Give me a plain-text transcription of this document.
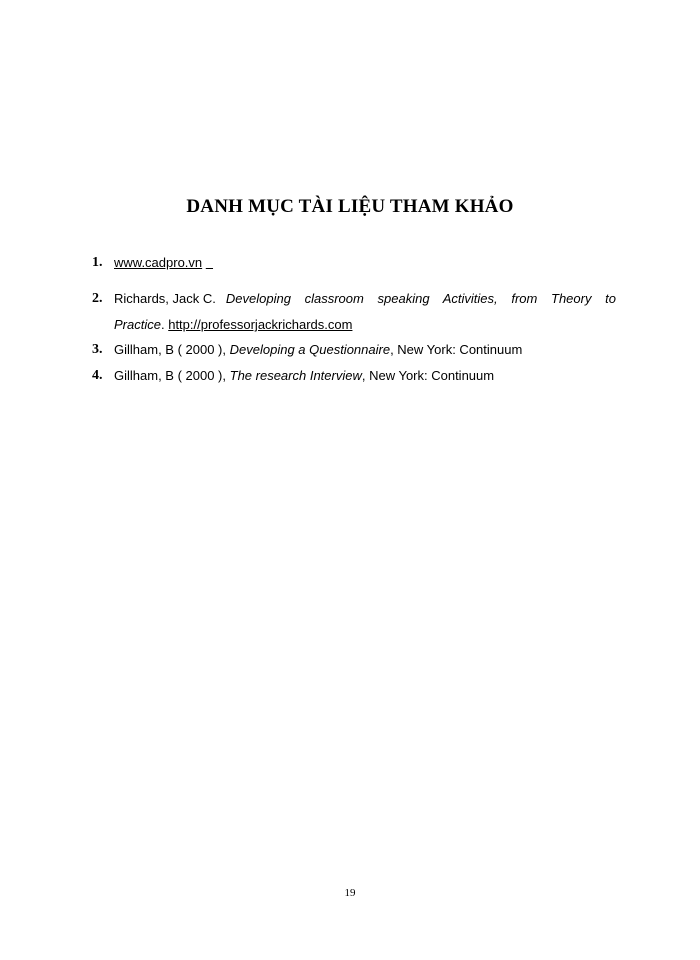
DANH MỤC TÀI LIỆU THAM KHẢO
1. www.cadpro.vn
2. Richards, Jack C. Developing classroom speaking Activities, from Theory to
Practice. http://professorjackrichards.com
3. Gillham, B ( 2000 ), Developing a Questionnaire, New York: Continuum
4. Gillham, B ( 2000 ), The research Interview, New York: Continuum
19
